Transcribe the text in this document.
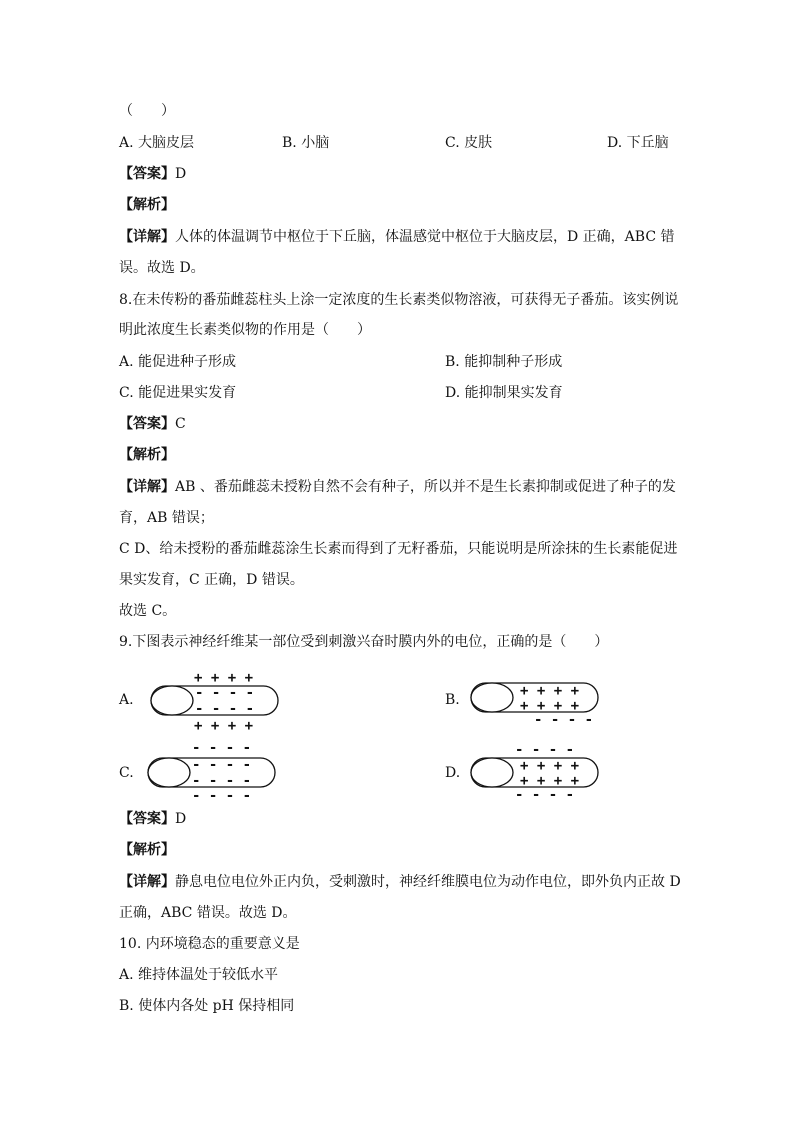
（　　）
A. 大脑皮层	B. 小脑	C. 皮肤	D. 下丘脑
【答案】D
【解析】
【详解】人体的体温调节中枢位于下丘脑，体温感觉中枢位于大脑皮层，D 正确，ABC 错
误。故选 D。
8.在未传粉的番茄雌蕊柱头上涂一定浓度的生长素类似物溶液，可获得无子番茄。该实例说
明此浓度生长素类似物的作用是（　　）
A. 能促进种子形成	B. 能抑制种子形成
C. 能促进果实发育	D. 能抑制果实发育
【答案】C
【解析】
【详解】AB 、番茄雌蕊未授粉自然不会有种子，所以并不是生长素抑制或促进了种子的发
育，AB 错误；
C D、给未授粉的番茄雌蕊涂生长素而得到了无籽番茄，只能说明是所涂抹的生长素能促进
果实发育，C 正确，D 错误。
故选 C。
9.下图表示神经纤维某一部位受到刺激兴奋时膜内外的电位，正确的是（　　）
A.
+ + + +
- - - -
- - - -
+ + + +
B.
+ + + +
+ + + +
- - - -
C.
- - - -
- - - -
- - - -
- - - -
D.
- - - -
+ + + +
+ + + +
- - - -
【答案】D
【解析】
【详解】静息电位电位外正内负，受刺激时，神经纤维膜电位为动作电位，即外负内正故 D
正确，ABC 错误。故选 D。
10. 内环境稳态的重要意义是
A. 维持体温处于较低水平
B. 使体内各处 pH 保持相同
